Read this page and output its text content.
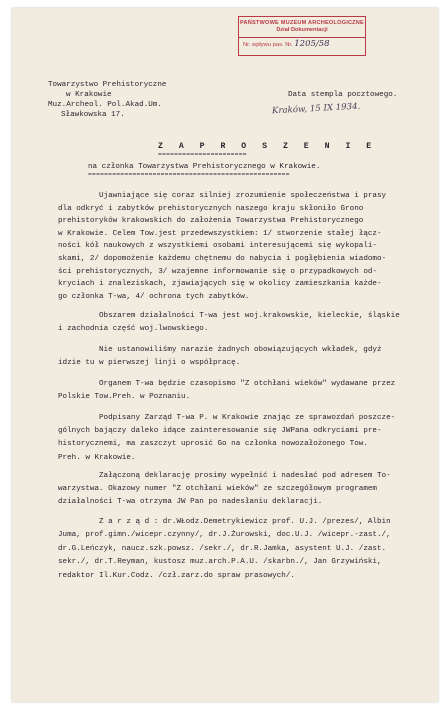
PAŃSTWOWE MUZEUM ARCHEOLOGICZNE
Dział Dokumentacji
Nr. wpływu pas. Nr. 1205/58
Towarzystwo Prehistoryczne
w Krakowie
Muz.Archeol. Pol.Akad.Um.
Sławkowska 17.
Data stempla pocztowego.
Kraków, 15 IX 1934.
Z A P R O S Z E N I E
======================
na członka Towarzystwa Prehistorycznego w Krakowie.
==================================================

Ujawniające się coraz silniej zrozumienie społeczeństwa i prasy

dla odkryć i zabytków prehistorycznych naszego kraju skłoniło Grono

prehistoryków krakowskich do założenia Towarzystwa Prehistorycznego

w Krakowie. Celem Tow.jest przedewszystkiem: 1/ stworzenie stałej łącz-

ności kół naukowych z wszystkiemi osobami interesującemi się wykopali-

skami, 2/ dopomożenie każdemu chętnemu do nabycia i pogłębienia wiadomo-

ści prehistorycznych, 3/ wzajemne informowanie się o przypadkowych od-

kryciach i znaleziskach, zjawiających się w okolicy zamieszkania każde-

go członka T-wa, 4/ ochrona tych zabytków.

Obszarem działalności T-wa jest woj.krakowskie, kieleckie, śląskie

i zachodnia część woj.lwowskiego.

Nie ustanowiliśmy narazie żadnych obowiązujących wkładek, gdyż

idzie tu w pierwszej linji o współpracę.

Organem T-wa będzie czasopismo "Z otchłani wieków" wydawane przez

Polskie Tow.Preh. w Poznaniu.

Podpisany Zarząd T-wa P. w Krakowie znając ze sprawozdań poszcze-

gólnych bajączy daleko idące zainteresowanie się JWPana odkryciami pre-

historycznemi, ma zaszczyt uprosić Go na członka nowozałożonego Tow.

Preh. w Krakowie.

Załączoną deklarację prosimy wypełnić i nadesłać pod adresem To-

warzystwa. Okazowy numer "Z otchłani wieków" ze szczegółowym programem

działalności T-wa otrzyma JW Pan po nadesłaniu deklaracji.

Z a r z ą d : dr.WŁodz.Demetrykiewicz prof. U.J. /prezes/, Albin

Juma, prof.gimn./wicepr.czynny/, dr.J.Żurowski, doc.U.J. /wicepr.-zast./,

dr.G.Leńczyk, naucz.szk.powsz. /sekr./, dr.R.Jamka, asystent U.J. /zast.

sekr./, dr.T.Reyman, kustosz muz.arch.P.A.U. /skarbn./, Jan Grzywiński,

redaktor Il.Kur.Codz. /czł.zarz.do spraw prasowych/.
